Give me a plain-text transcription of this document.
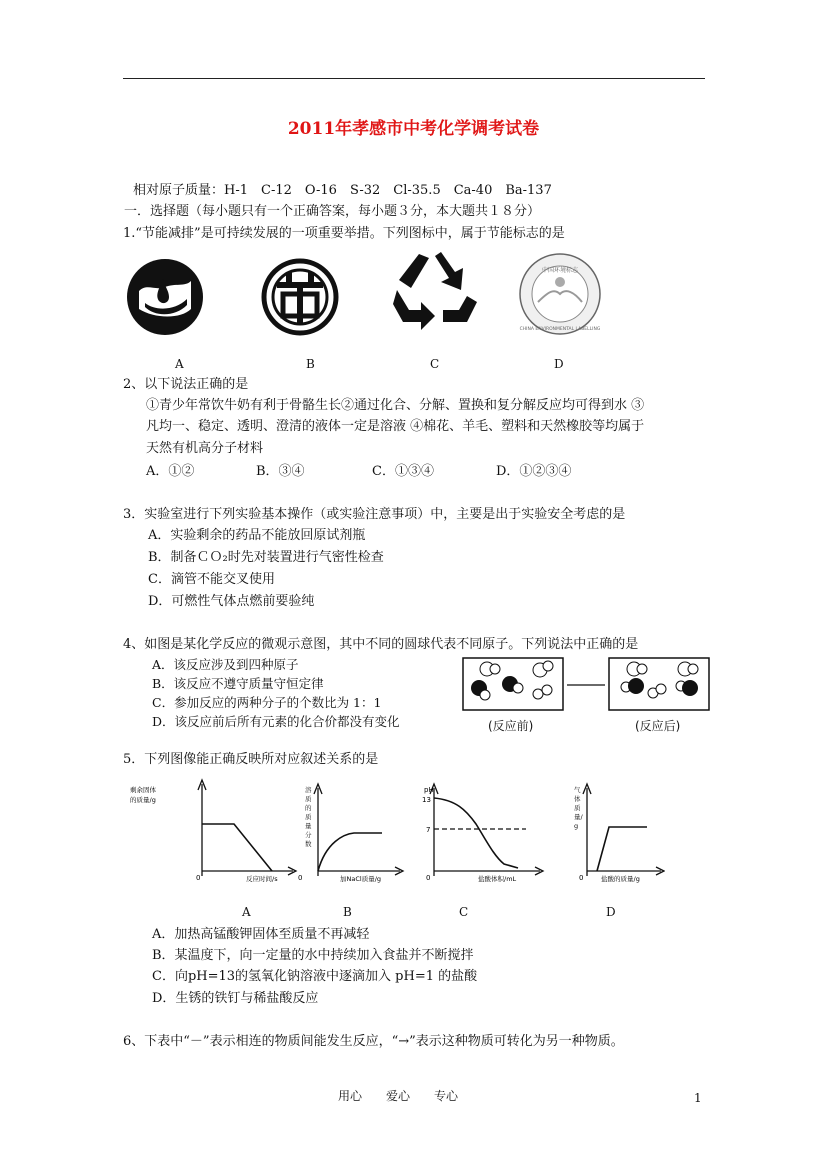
2011年孝感市中考化学调考试卷
相对原子质量：H-1　C-12　O-16　S-32　Cl-35.5　Ca-40　Ba-137
一．选择题（每小题只有一个正确答案，每小题３分，本大题共１８分）
1.“节能减排”是可持续发展的一项重要举措。下列图标中，属于节能标志的是
中国环境标志
CHINA ENVIRONMENTAL LABELLING
A	B	C	D
2、以下说法正确的是
①青少年常饮牛奶有利于骨骼生长②通过化合、分解、置换和复分解反应均可得到水 ③
凡均一、稳定、透明、澄清的液体一定是溶液 ④棉花、羊毛、塑料和天然橡胶等均属于
天然有机高分子材料
A．①②	B．③④	C．①③④	D．①②③④
3．实验室进行下列实验基本操作（或实验注意事项）中，主要是出于实验安全考虑的是
A．实验剩余的药品不能放回原试剂瓶
B．制备ＣＯ₂时先对装置进行气密性检查
C．滴管不能交叉使用
D．可燃性气体点燃前要验纯
4、如图是某化学反应的微观示意图，其中不同的圆球代表不同原子。下列说法中正确的是
A．该反应涉及到四种原子
B．该反应不遵守质量守恒定律
C．参加反应的两种分子的个数比为 1：1
D．该反应前后所有元素的化合价都没有变化	(反应前)	(反应后)
5．下列图像能正确反映所对应叙述关系的是
剩余固体
的质量/g
0	反应时间/s
A
0	加NaCl质量/g
溶质的质量分数
B
pH
13
7
0	盐酸体积/mL
C
0	盐酸的质量/g
气体质量/g
D
A．加热高锰酸钾固体至质量不再减轻
B．某温度下，向一定量的水中持续加入食盐并不断搅拌
C．向pH=13的氢氧化钠溶液中逐滴加入 pH=1 的盐酸
D．生锈的铁钉与稀盐酸反应
6、下表中“－”表示相连的物质间能发生反应，“→”表示这种物质可转化为另一种物质。
用心　　爱心　　专心	1
